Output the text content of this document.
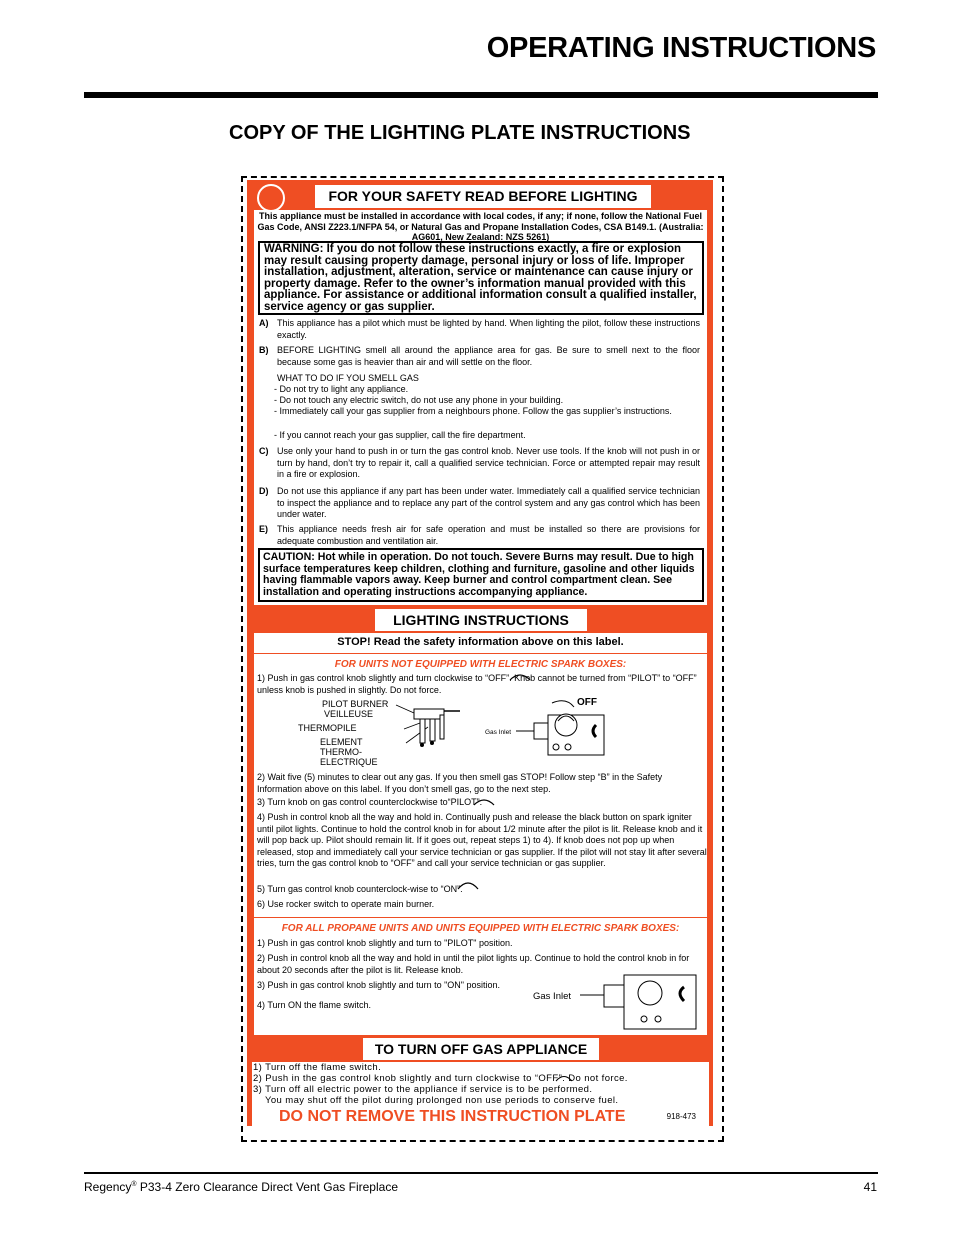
OPERATING INSTRUCTIONS
COPY OF THE LIGHTING PLATE INSTRUCTIONS
FOR YOUR SAFETY READ BEFORE LIGHTING
This appliance must be installed in accordance with local codes, if any; if none, follow the National Fuel Gas Code, ANSI Z223.1/NFPA 54, or Natural Gas and Propane Installation Codes, CSA B149.1. (Australia: AG601, New Zealand: NZS 5261)
WARNING: If you do not follow these instructions exactly, a fire or explosion may result causing property damage, personal injury or loss of life. Improper installation, adjustment, alteration, service or maintenance can cause injury or property damage. Refer to the owner’s information manual provided with this appliance. For assistance or additional information consult a qualified installer, service agency or gas supplier.
A) This appliance has a pilot which must be lighted by hand. When lighting the pilot, follow these instructions exactly.
B) BEFORE LIGHTING smell all around the appliance area for gas. Be sure to smell next to the floor because some gas is heavier than air and will settle on the floor.
WHAT TO DO IF YOU SMELL GAS
- Do not try to light any appliance.
- Do not touch any electric switch, do not use any phone in your building.
- Immediately call your gas supplier from a neighbours phone. Follow the gas supplier’s instructions.
- If you cannot reach your gas supplier, call the fire department.
C) Use only your hand to push in or turn the gas control knob. Never use tools. If the knob will not push in or turn by hand, don’t try to repair it, call a qualified service technician. Force or attempted repair may result in a fire or explosion.
D) Do not use this appliance if any part has been under water. Immediately call a qualified service technician to inspect the appliance and to replace any part of the control system and any gas control which has been under water.
E) This appliance needs fresh air for safe operation and must be installed so there are provisions for adequate combustion and ventilation air.
CAUTION: Hot while in operation. Do not touch. Severe Burns may result. Due to high surface temperatures keep children, clothing and furniture, gasoline and other liquids having flammable vapors away. Keep burner and control compartment clean. See installation and operating instructions accompanying appliance.
LIGHTING INSTRUCTIONS
STOP! Read the safety information above on this label.
FOR UNITS NOT EQUIPPED WITH ELECTRIC SPARK BOXES:
1) Push in gas control knob slightly and turn clockwise to “OFF”. Knob cannot be turned from “PILOT” to “OFF” unless knob is pushed in slightly. Do not force.
PILOT BURNER
VEILLEUSE
THERMOPILE
ELEMENT
THERMO-
ELECTRIQUE
Gas Inlet
OFF
2) Wait five (5) minutes to clear out any gas. If you then smell gas STOP! Follow step “B” in the Safety Information above on this label. If you don’t smell gas, go to the next step.
3) Turn knob on gas control counterclockwise to“PILOT”.
4) Push in control knob all the way and hold in. Continually push and release the black button on spark igniter until pilot lights. Continue to hold the control knob in for about 1/2 minute after the pilot is lit. Release knob and it will pop back up. Pilot should remain lit. If it goes out, repeat steps 1) to 4). If knob does not pop up when released, stop and immediately call your service technician or gas supplier. If the pilot will not stay lit after several tries, turn the gas control knob to “OFF” and call your service technician or gas supplier.
5) Turn gas control knob counterclock-wise to “ON”.
6) Use rocker switch to operate main burner.
FOR ALL PROPANE UNITS AND UNITS EQUIPPED WITH ELECTRIC SPARK BOXES:
1) Push in gas control knob slightly and turn to "PILOT" position.
2) Push in control knob all the way and hold in until the pilot lights up. Continue to hold the control knob in for about 20 seconds after the pilot is lit. Release knob.
3) Push in gas control knob slightly and turn to "ON" position.
Gas Inlet
4) Turn ON the flame switch.
TO TURN OFF GAS APPLIANCE
1) Turn off the flame switch.
2) Push in the gas control knob slightly and turn clockwise to “OFF”. Do not force.
3) Turn off all electric power to the appliance if service is to be performed.
You may shut off the pilot during prolonged non use periods to conserve fuel.
DO NOT REMOVE THIS INSTRUCTION PLATE	918-473
Regency® P33-4 Zero Clearance Direct Vent Gas Fireplace	41
